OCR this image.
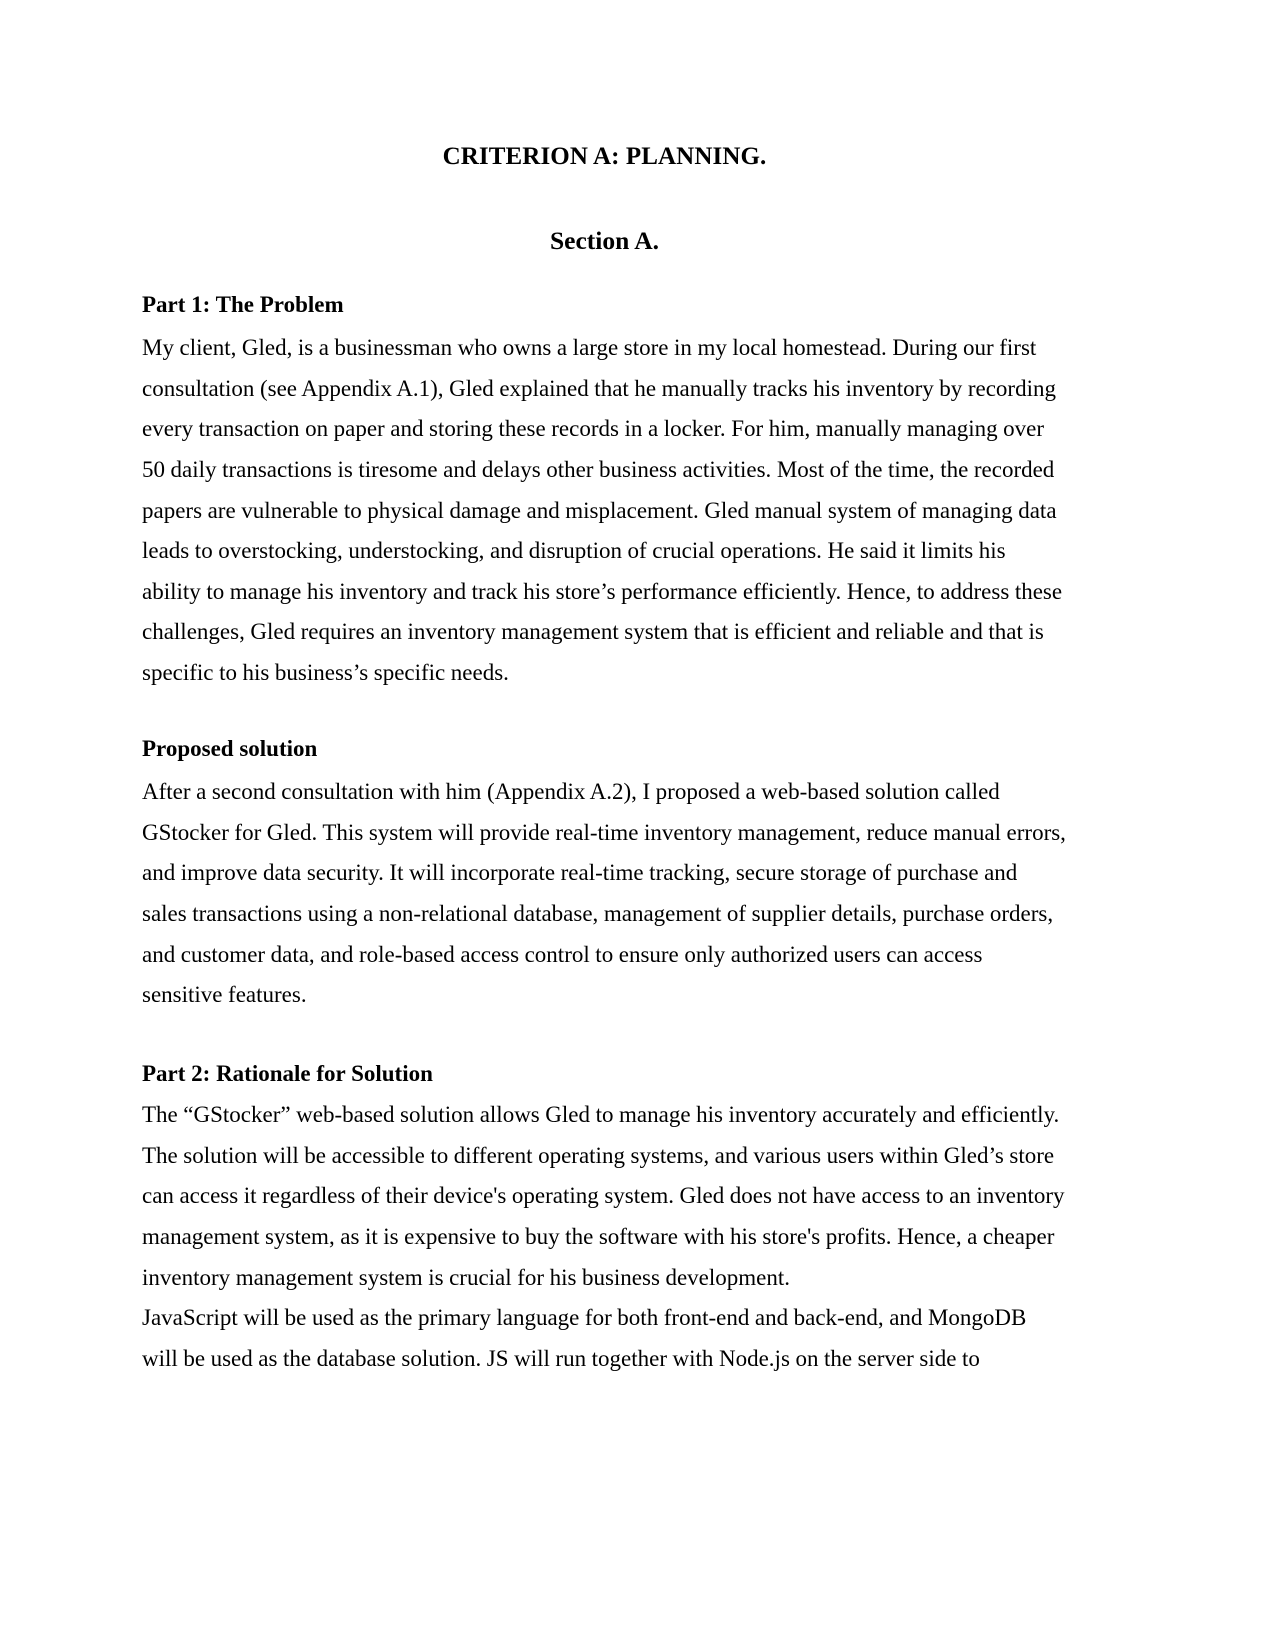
CRITERION A: PLANNING.
Section A.
Part 1: The Problem

My client, Gled, is a businessman who owns a large store in my local homestead. During our first consultation (see Appendix A.1), Gled explained that he manually tracks his inventory by recording every transaction on paper and storing these records in a locker. For him, manually managing over 50 daily transactions is tiresome and delays other business activities. Most of the time, the recorded papers are vulnerable to physical damage and misplacement. Gled manual system of managing data leads to overstocking, understocking, and disruption of crucial operations. He said it limits his ability to manage his inventory and track his store’s performance efficiently. Hence, to address these challenges, Gled requires an inventory management system that is efficient and reliable and that is specific to his business’s specific needs.

Proposed solution

After a second consultation with him (Appendix A.2), I proposed a web-based solution called GStocker for Gled. This system will provide real-time inventory management, reduce manual errors, and improve data security. It will incorporate real-time tracking, secure storage of purchase and sales transactions using a non-relational database, management of supplier details, purchase orders, and customer data, and role-based access control to ensure only authorized users can access sensitive features.

Part 2: Rationale for Solution

The “GStocker” web-based solution allows Gled to manage his inventory accurately and efficiently. The solution will be accessible to different operating systems, and various users within Gled’s store can access it regardless of their device's operating system. Gled does not have access to an inventory management system, as it is expensive to buy the software with his store's profits. Hence, a cheaper inventory management system is crucial for his business development.

JavaScript will be used as the primary language for both front-end and back-end, and MongoDB will be used as the database solution. JS will run together with Node.js on the server side to
